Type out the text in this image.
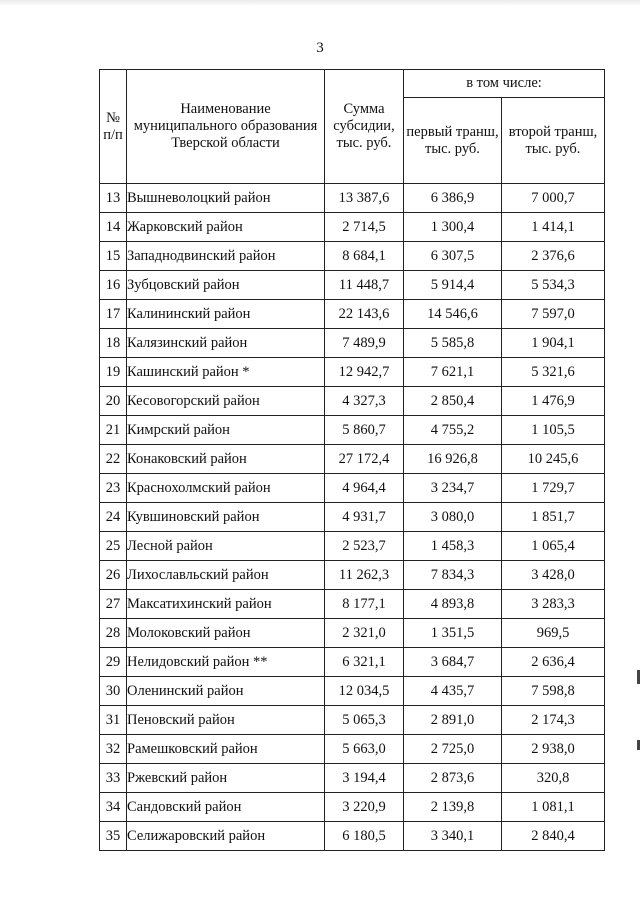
3
№ п/п	Наименование муниципального образования Тверской области	Сумма субсидии, тыс. руб.	в том числе:	
			первый транш, тыс. руб.	второй транш, тыс. руб.
13	Вышневолоцкий район	13 387,6	6 386,9	7 000,7
14	Жарковский район	2 714,5	1 300,4	1 414,1
15	Западнодвинский район	8 684,1	6 307,5	2 376,6
16	Зубцовский район	11 448,7	5 914,4	5 534,3
17	Калининский район	22 143,6	14 546,6	7 597,0
18	Калязинский район	7 489,9	5 585,8	1 904,1
19	Кашинский район *	12 942,7	7 621,1	5 321,6
20	Кесовогорский район	4 327,3	2 850,4	1 476,9
21	Кимрский район	5 860,7	4 755,2	1 105,5
22	Конаковский район	27 172,4	16 926,8	10 245,6
23	Краснохолмский район	4 964,4	3 234,7	1 729,7
24	Кувшиновский район	4 931,7	3 080,0	1 851,7
25	Лесной район	2 523,7	1 458,3	1 065,4
26	Лихославльский район	11 262,3	7 834,3	3 428,0
27	Максатихинский район	8 177,1	4 893,8	3 283,3
28	Молоковский район	2 321,0	1 351,5	969,5
29	Нелидовский район **	6 321,1	3 684,7	2 636,4
30	Оленинский район	12 034,5	4 435,7	7 598,8
31	Пеновский район	5 065,3	2 891,0	2 174,3
32	Рамешковский район	5 663,0	2 725,0	2 938,0
33	Ржевский район	3 194,4	2 873,6	320,8
34	Сандовский район	3 220,9	2 139,8	1 081,1
35	Селижаровский район	6 180,5	3 340,1	2 840,4
